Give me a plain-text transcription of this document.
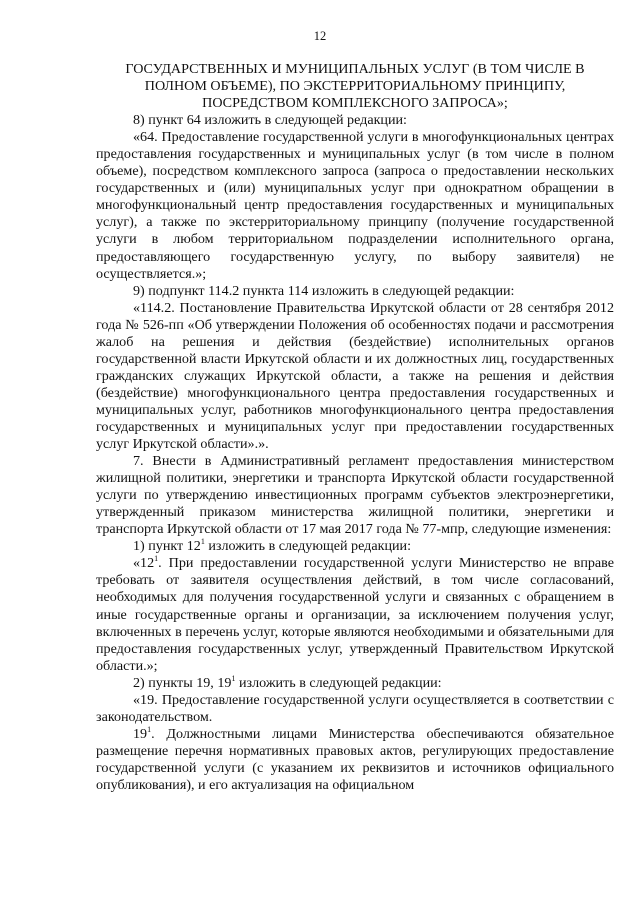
12

ГОСУДАРСТВЕННЫХ И МУНИЦИПАЛЬНЫХ УСЛУГ (В ТОМ ЧИСЛЕ В
ПОЛНОМ ОБЪЕМЕ), ПО ЭКСТЕРРИТОРИАЛЬНОМУ ПРИНЦИПУ,
ПОСРЕДСТВОМ КОМПЛЕКСНОГО ЗАПРОСА»;

8) пункт 64 изложить в следующей редакции:

«64. Предоставление государственной услуги в многофункциональных центрах предоставления государственных и муниципальных услуг (в том числе в полном объеме), посредством комплексного запроса (запроса о предоставлении нескольких государственных и (или) муниципальных услуг при однократном обращении в многофункциональный центр предоставления государственных и муниципальных услуг), а также по экстерриториальному принципу (получение государственной услуги в любом территориальном подразделении исполнительного органа, предоставляющего государственную услугу, по выбору заявителя) не осуществляется.»;

9) подпункт 114.2 пункта 114 изложить в следующей редакции:

«114.2. Постановление Правительства Иркутской области от 28 сентября 2012 года № 526-пп «Об утверждении Положения об особенностях подачи и рассмотрения жалоб на решения и действия (бездействие) исполнительных органов государственной власти Иркутской области и их должностных лиц, государственных гражданских служащих Иркутской области, а также на решения и действия (бездействие) многофункционального центра предоставления государственных и муниципальных услуг, работников многофункционального центра предоставления государственных и муниципальных услуг при предоставлении государственных услуг Иркутской области».».

7. Внести в Административный регламент предоставления министерством жилищной политики, энергетики и транспорта Иркутской области государственной услуги по утверждению инвестиционных программ субъектов электроэнергетики, утвержденный приказом министерства жилищной политики, энергетики и транспорта Иркутской области от 17 мая 2017 года № 77-мпр, следующие изменения:

1) пункт $12^1$ изложить в следующей редакции:

«$12^1$. При предоставлении государственной услуги Министерство не вправе требовать от заявителя осуществления действий, в том числе согласований, необходимых для получения государственной услуги и связанных с обращением в иные государственные органы и организации, за исключением получения услуг, включенных в перечень услуг, которые являются необходимыми и обязательными для предоставления государственных услуг, утвержденный Правительством Иркутской области.»;

2) пункты 19, $19^1$ изложить в следующей редакции:

«19. Предоставление государственной услуги осуществляется в соответствии с законодательством.

$19^1$. Должностными лицами Министерства обеспечиваются обязательное размещение перечня нормативных правовых актов, регулирующих предоставление государственной услуги (с указанием их реквизитов и источников официального опубликования), и его актуализация на официальном
